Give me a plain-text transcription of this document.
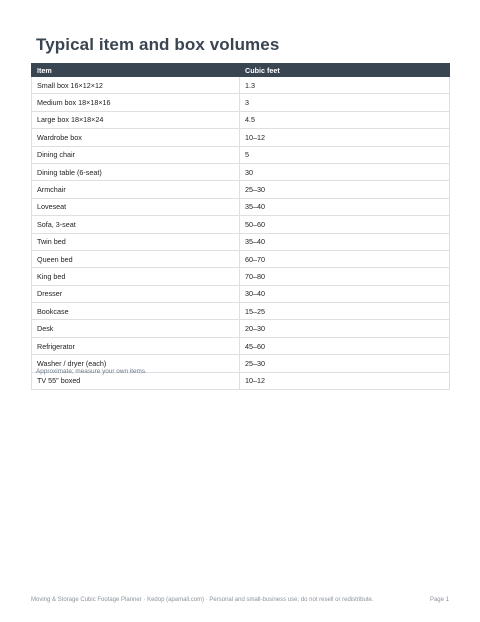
Typical item and box volumes
Item	Cubic feet
Small box 16×12×12	1.3
Medium box 18×18×16	3
Large box 18×18×24	4.5
Wardrobe box	10–12
Dining chair	5
Dining table (6-seat)	30
Armchair	25–30
Loveseat	35–40
Sofa, 3-seat	50–60
Twin bed	35–40
Queen bed	60–70
King bed	70–80
Dresser	30–40
Bookcase	15–25
Desk	20–30
Refrigerator	45–60
Washer / dryer (each)	25–30
TV 55" boxed	10–12
Approximate; measure your own items.
Moving & Storage Cubic Footage Planner · Kedop (apamall.com) · Personal and small-business use; do not resell or redistribute.	Page 1
